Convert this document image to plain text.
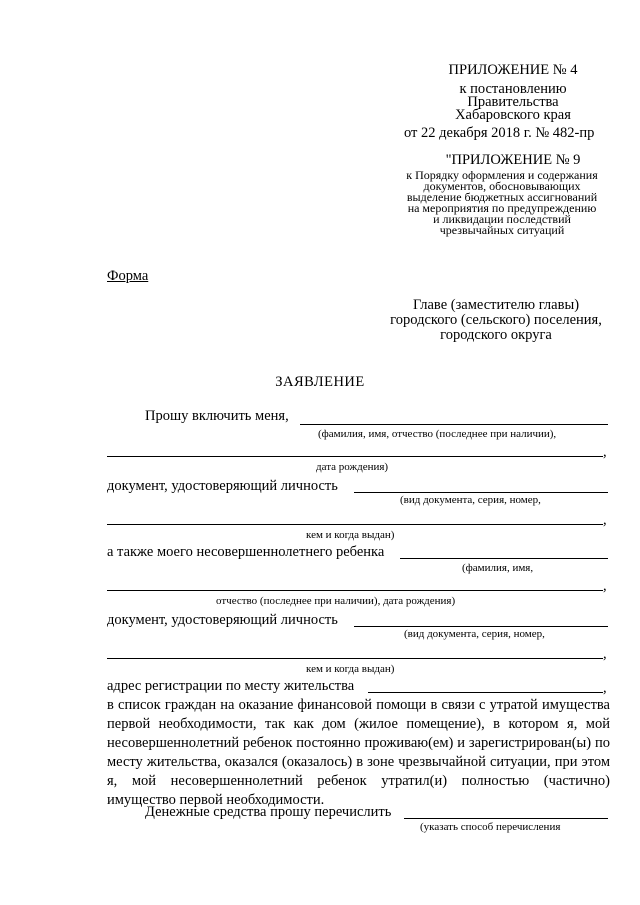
ПРИЛОЖЕНИЕ № 4
к постановлению
Правительства
Хабаровского края
от 22 декабря 2018 г. № 482-пр
"ПРИЛОЖЕНИЕ № 9
к Порядку оформления и содержания
документов, обосновывающих
выделение бюджетных ассигнований
на мероприятия по предупреждению
и ликвидации последствий
чрезвычайных ситуаций
Форма
Главе (заместителю главы)
городского (сельского) поселения,
городского округа
ЗАЯВЛЕНИЕ
Прошу включить меня,
(фамилия, имя, отчество (последнее при наличии),
,
дата рождения)
документ, удостоверяющий личность
(вид документа, серия, номер,
,
кем и когда выдан)
а также моего несовершеннолетнего ребенка
(фамилия, имя,
,
отчество (последнее при наличии), дата рождения)
документ, удостоверяющий личность
(вид документа, серия, номер,
,
кем и когда выдан)
адрес регистрации по месту жительства	,
в список граждан на оказание финансовой помощи в связи с утратой имущества первой необходимости, так как дом (жилое помещение), в котором я, мой несовершеннолетний ребенок постоянно проживаю(ем) и зарегистрирован(ы) по месту жительства, оказался (оказалось) в зоне чрезвычайной ситуации, при этом я, мой несовершеннолетний ребенок утратил(и) полностью (частично) имущество первой необходимости.
Денежные средства прошу перечислить
(указать способ перечисления
